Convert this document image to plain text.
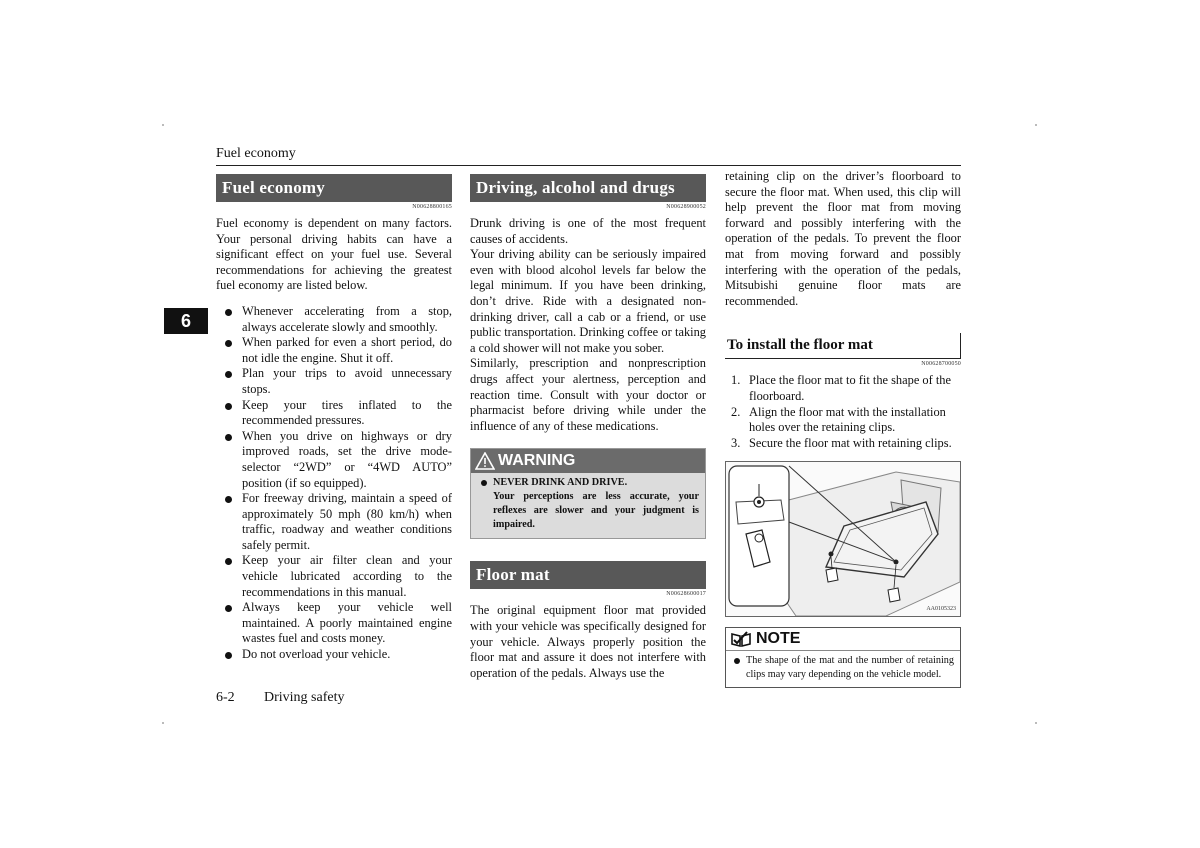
Fuel economy
6
Fuel economy
N00628800165

Fuel economy is dependent on many factors. Your personal driving habits can have a significant effect on your fuel use. Several recommendations for achieving the greatest fuel economy are listed below.

Whenever accelerating from a stop, always accelerate slowly and smoothly.
When parked for even a short period, do not idle the engine. Shut it off.
Plan your trips to avoid unnecessary stops.
Keep your tires inflated to the recommended pressures.
When you drive on highways or dry improved roads, set the drive mode-selector “2WD” or “4WD AUTO” position (if so equipped).
For freeway driving, maintain a speed of approximately 50 mph (80 km/h) when traffic, roadway and weather conditions safely permit.
Keep your air filter clean and your vehicle lubricated according to the recommendations in this manual.
Always keep your vehicle well maintained. A poorly maintained engine wastes fuel and costs money.
Do not overload your vehicle.
Driving, alcohol and drugs
N00628900052

Drunk driving is one of the most frequent causes of accidents.

Your driving ability can be seriously impaired even with blood alcohol levels far below the legal minimum. If you have been drinking, don’t drive. Ride with a designated non-drinking driver, call a cab or a friend, or use public transportation. Drinking coffee or taking a cold shower will not make you sober.

Similarly, prescription and nonprescription drugs affect your alertness, perception and reaction time. Consult with your doctor or pharmacist before driving while under the influence of any of these medications.

WARNING
NEVER DRINK AND DRIVE.
Your perceptions are less accurate, your reflexes are slower and your judgment is impaired.
Floor mat
N00628600017

The original equipment floor mat provided with your vehicle was specifically designed for your vehicle. Always properly position the floor mat and assure it does not interfere with operation of the pedals. Always use the

retaining clip on the driver’s floorboard to secure the floor mat. When used, this clip will help prevent the floor mat from moving forward and possibly interfering with the operation of the pedals. To prevent the floor mat from moving forward and possibly interfering with the operation of the pedals, Mitsubishi genuine floor mats are recommended.

To install the floor mat
N00628700050
1. Place the floor mat to fit the shape of the floorboard.
2. Align the floor mat with the installation holes over the retaining clips.
3. Secure the floor mat with retaining clips.
AA0105323
NOTE
The shape of the mat and the number of retaining clips may vary depending on the vehicle model.
6-2 Driving safety
